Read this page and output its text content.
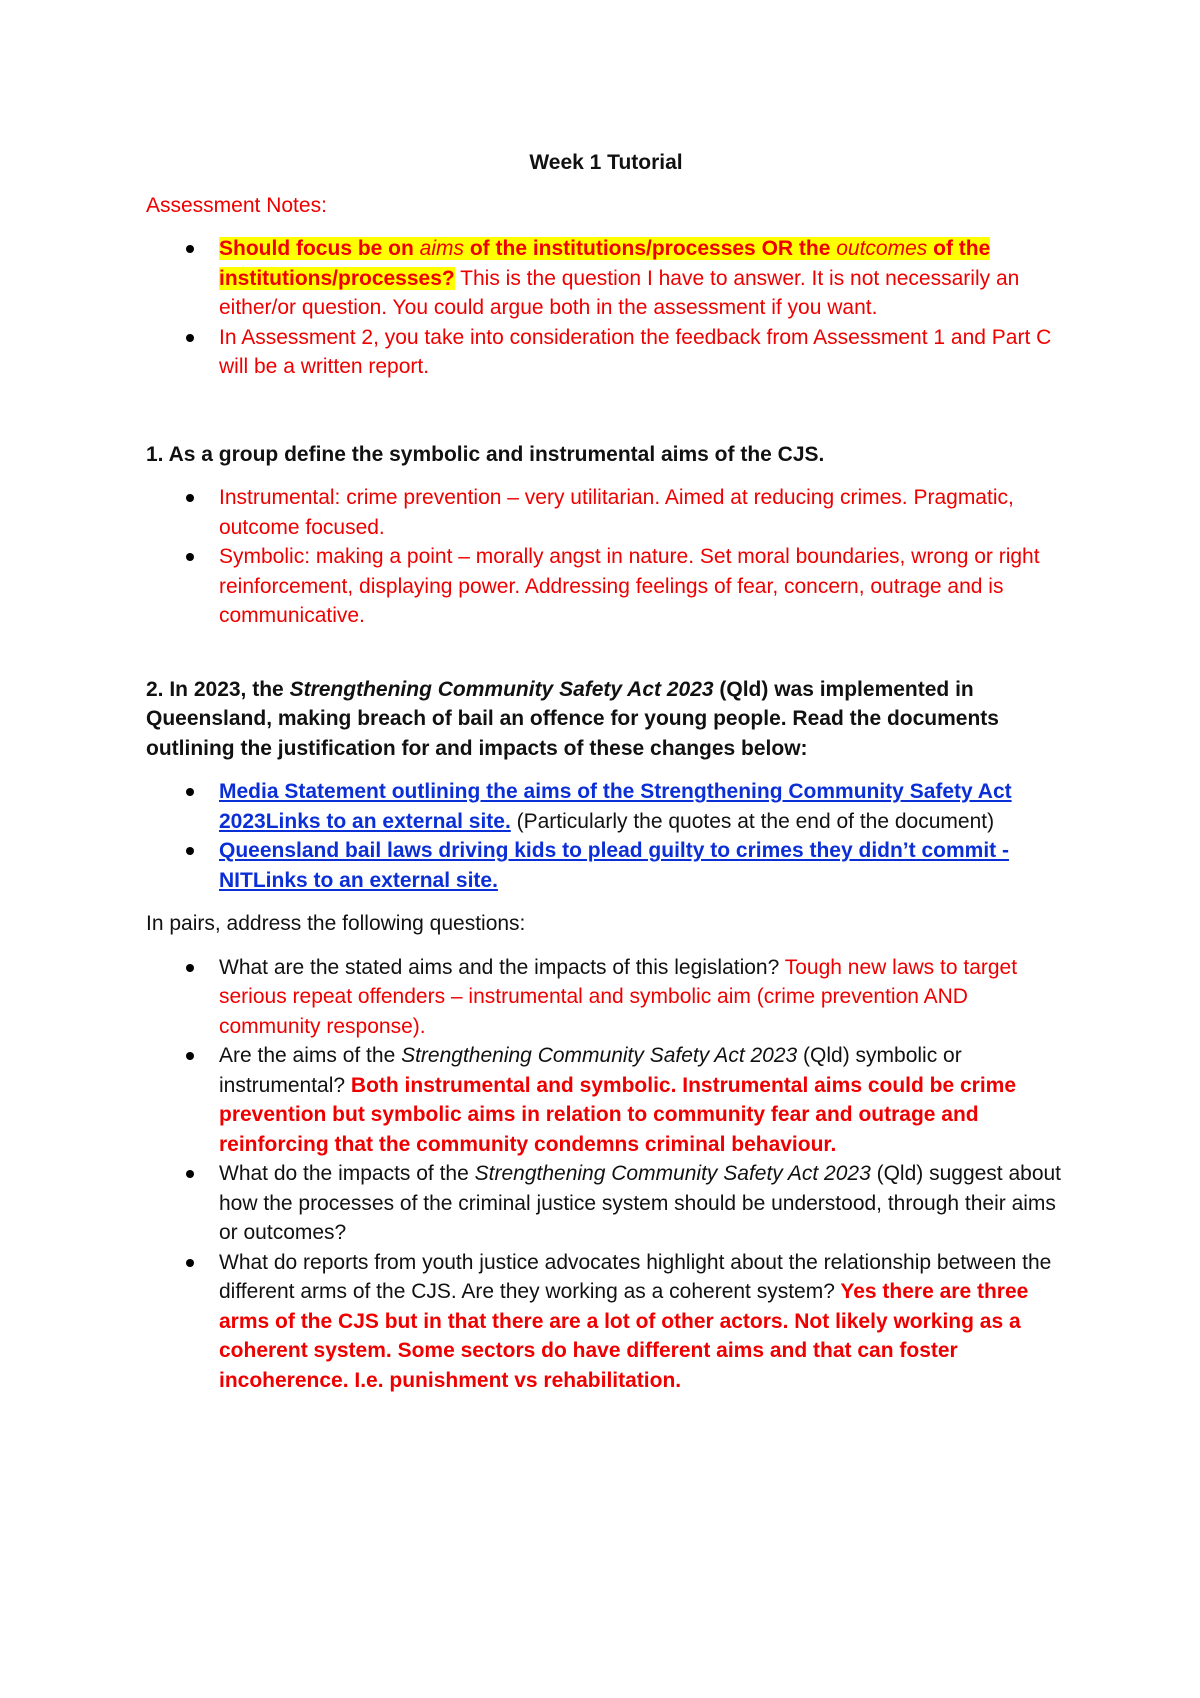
Week 1 Tutorial

Assessment Notes:

Should focus be on aims of the institutions/processes OR the outcomes of the institutions/processes? This is the question I have to answer. It is not necessarily an either/or question. You could argue both in the assessment if you want.
In Assessment 2, you take into consideration the feedback from Assessment 1 and Part C will be a written report.

1. As a group define the symbolic and instrumental aims of the CJS.

Instrumental: crime prevention – very utilitarian. Aimed at reducing crimes. Pragmatic, outcome focused.
Symbolic: making a point – morally angst in nature. Set moral boundaries, wrong or right reinforcement, displaying power. Addressing feelings of fear, concern, outrage and is communicative.

2. In 2023, the Strengthening Community Safety Act 2023 (Qld) was implemented in Queensland, making breach of bail an offence for young people. Read the documents outlining the justification for and impacts of these changes below:

Media Statement outlining the aims of the Strengthening Community Safety Act 2023Links to an external site. (Particularly the quotes at the end of the document)
Queensland bail laws driving kids to plead guilty to crimes they didn’t commit - NITLinks to an external site.

In pairs, address the following questions:

What are the stated aims and the impacts of this legislation? Tough new laws to target serious repeat offenders – instrumental and symbolic aim (crime prevention AND community response).
Are the aims of the Strengthening Community Safety Act 2023 (Qld) symbolic or instrumental? Both instrumental and symbolic. Instrumental aims could be crime prevention but symbolic aims in relation to community fear and outrage and reinforcing that the community condemns criminal behaviour.
What do the impacts of the Strengthening Community Safety Act 2023 (Qld) suggest about how the processes of the criminal justice system should be understood, through their aims or outcomes?
What do reports from youth justice advocates highlight about the relationship between the different arms of the CJS. Are they working as a coherent system? Yes there are three arms of the CJS but in that there are a lot of other actors. Not likely working as a coherent system. Some sectors do have different aims and that can foster incoherence. I.e. punishment vs rehabilitation.
